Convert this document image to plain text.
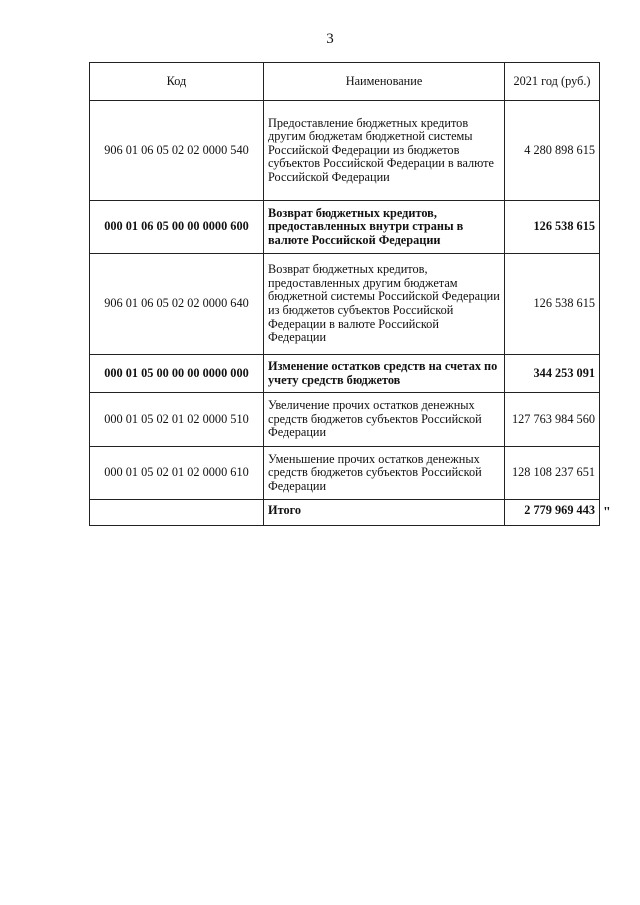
3
Код	Наименование	2021 год (руб.)
906 01 06 05 02 02 0000 540	Предоставление бюджетных кредитов другим бюджетам бюджетной системы Российской Федерации из бюджетов субъектов Российской Федерации в валюте Российской Федерации	4 280 898 615
000 01 06 05 00 00 0000 600	Возврат бюджетных кредитов, предоставленных внутри страны в валюте Российской Федерации	126 538 615
906 01 06 05 02 02 0000 640	Возврат бюджетных кредитов, предоставленных другим бюджетам бюджетной системы Российской Федерации из бюджетов субъектов Российской Федерации в валюте Российской Федерации	126 538 615
000 01 05 00 00 00 0000 000	Изменение остатков средств на счетах по учету средств бюджетов	344 253 091
000 01 05 02 01 02 0000 510	Увеличение прочих остатков денежных средств бюджетов субъектов Российской Федерации	127 763 984 560
000 01 05 02 01 02 0000 610	Уменьшение прочих остатков денежных средств бюджетов субъектов Российской Федерации	128 108 237 651
	Итого	2 779 969 443 "
